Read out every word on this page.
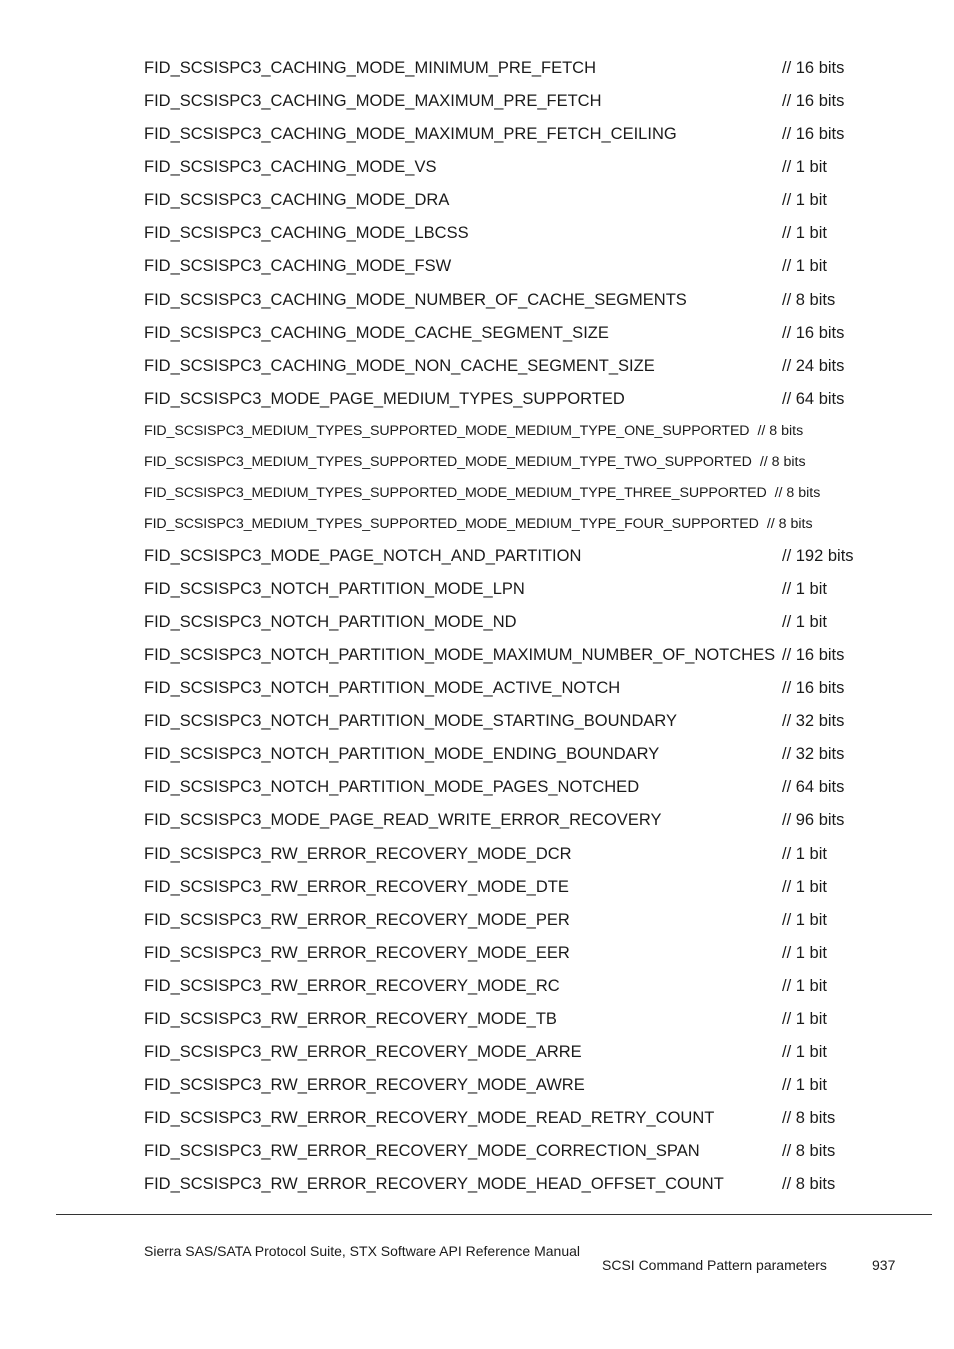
FID_SCSISPC3_CACHING_MODE_MINIMUM_PRE_FETCH	// 16 bits
FID_SCSISPC3_CACHING_MODE_MAXIMUM_PRE_FETCH	// 16 bits
FID_SCSISPC3_CACHING_MODE_MAXIMUM_PRE_FETCH_CEILING	// 16 bits
FID_SCSISPC3_CACHING_MODE_VS	// 1 bit
FID_SCSISPC3_CACHING_MODE_DRA	// 1 bit
FID_SCSISPC3_CACHING_MODE_LBCSS	// 1 bit
FID_SCSISPC3_CACHING_MODE_FSW	// 1 bit
FID_SCSISPC3_CACHING_MODE_NUMBER_OF_CACHE_SEGMENTS	// 8 bits
FID_SCSISPC3_CACHING_MODE_CACHE_SEGMENT_SIZE	// 16 bits
FID_SCSISPC3_CACHING_MODE_NON_CACHE_SEGMENT_SIZE	// 24 bits
FID_SCSISPC3_MODE_PAGE_MEDIUM_TYPES_SUPPORTED	// 64 bits
FID_SCSISPC3_MEDIUM_TYPES_SUPPORTED_MODE_MEDIUM_TYPE_ONE_SUPPORTED // 8 bits
FID_SCSISPC3_MEDIUM_TYPES_SUPPORTED_MODE_MEDIUM_TYPE_TWO_SUPPORTED // 8 bits
FID_SCSISPC3_MEDIUM_TYPES_SUPPORTED_MODE_MEDIUM_TYPE_THREE_SUPPORTED // 8 bits
FID_SCSISPC3_MEDIUM_TYPES_SUPPORTED_MODE_MEDIUM_TYPE_FOUR_SUPPORTED // 8 bits
FID_SCSISPC3_MODE_PAGE_NOTCH_AND_PARTITION	// 192 bits
FID_SCSISPC3_NOTCH_PARTITION_MODE_LPN	// 1 bit
FID_SCSISPC3_NOTCH_PARTITION_MODE_ND	// 1 bit
FID_SCSISPC3_NOTCH_PARTITION_MODE_MAXIMUM_NUMBER_OF_NOTCHES // 16 bits
FID_SCSISPC3_NOTCH_PARTITION_MODE_ACTIVE_NOTCH	// 16 bits
FID_SCSISPC3_NOTCH_PARTITION_MODE_STARTING_BOUNDARY	// 32 bits
FID_SCSISPC3_NOTCH_PARTITION_MODE_ENDING_BOUNDARY	// 32 bits
FID_SCSISPC3_NOTCH_PARTITION_MODE_PAGES_NOTCHED	// 64 bits
FID_SCSISPC3_MODE_PAGE_READ_WRITE_ERROR_RECOVERY	// 96 bits
FID_SCSISPC3_RW_ERROR_RECOVERY_MODE_DCR	// 1 bit
FID_SCSISPC3_RW_ERROR_RECOVERY_MODE_DTE	// 1 bit
FID_SCSISPC3_RW_ERROR_RECOVERY_MODE_PER	// 1 bit
FID_SCSISPC3_RW_ERROR_RECOVERY_MODE_EER	// 1 bit
FID_SCSISPC3_RW_ERROR_RECOVERY_MODE_RC	// 1 bit
FID_SCSISPC3_RW_ERROR_RECOVERY_MODE_TB	// 1 bit
FID_SCSISPC3_RW_ERROR_RECOVERY_MODE_ARRE	// 1 bit
FID_SCSISPC3_RW_ERROR_RECOVERY_MODE_AWRE	// 1 bit
FID_SCSISPC3_RW_ERROR_RECOVERY_MODE_READ_RETRY_COUNT	// 8 bits
FID_SCSISPC3_RW_ERROR_RECOVERY_MODE_CORRECTION_SPAN	// 8 bits
FID_SCSISPC3_RW_ERROR_RECOVERY_MODE_HEAD_OFFSET_COUNT	// 8 bits
Sierra SAS/SATA Protocol Suite, STX Software API Reference Manual
SCSI Command Pattern parameters	937
